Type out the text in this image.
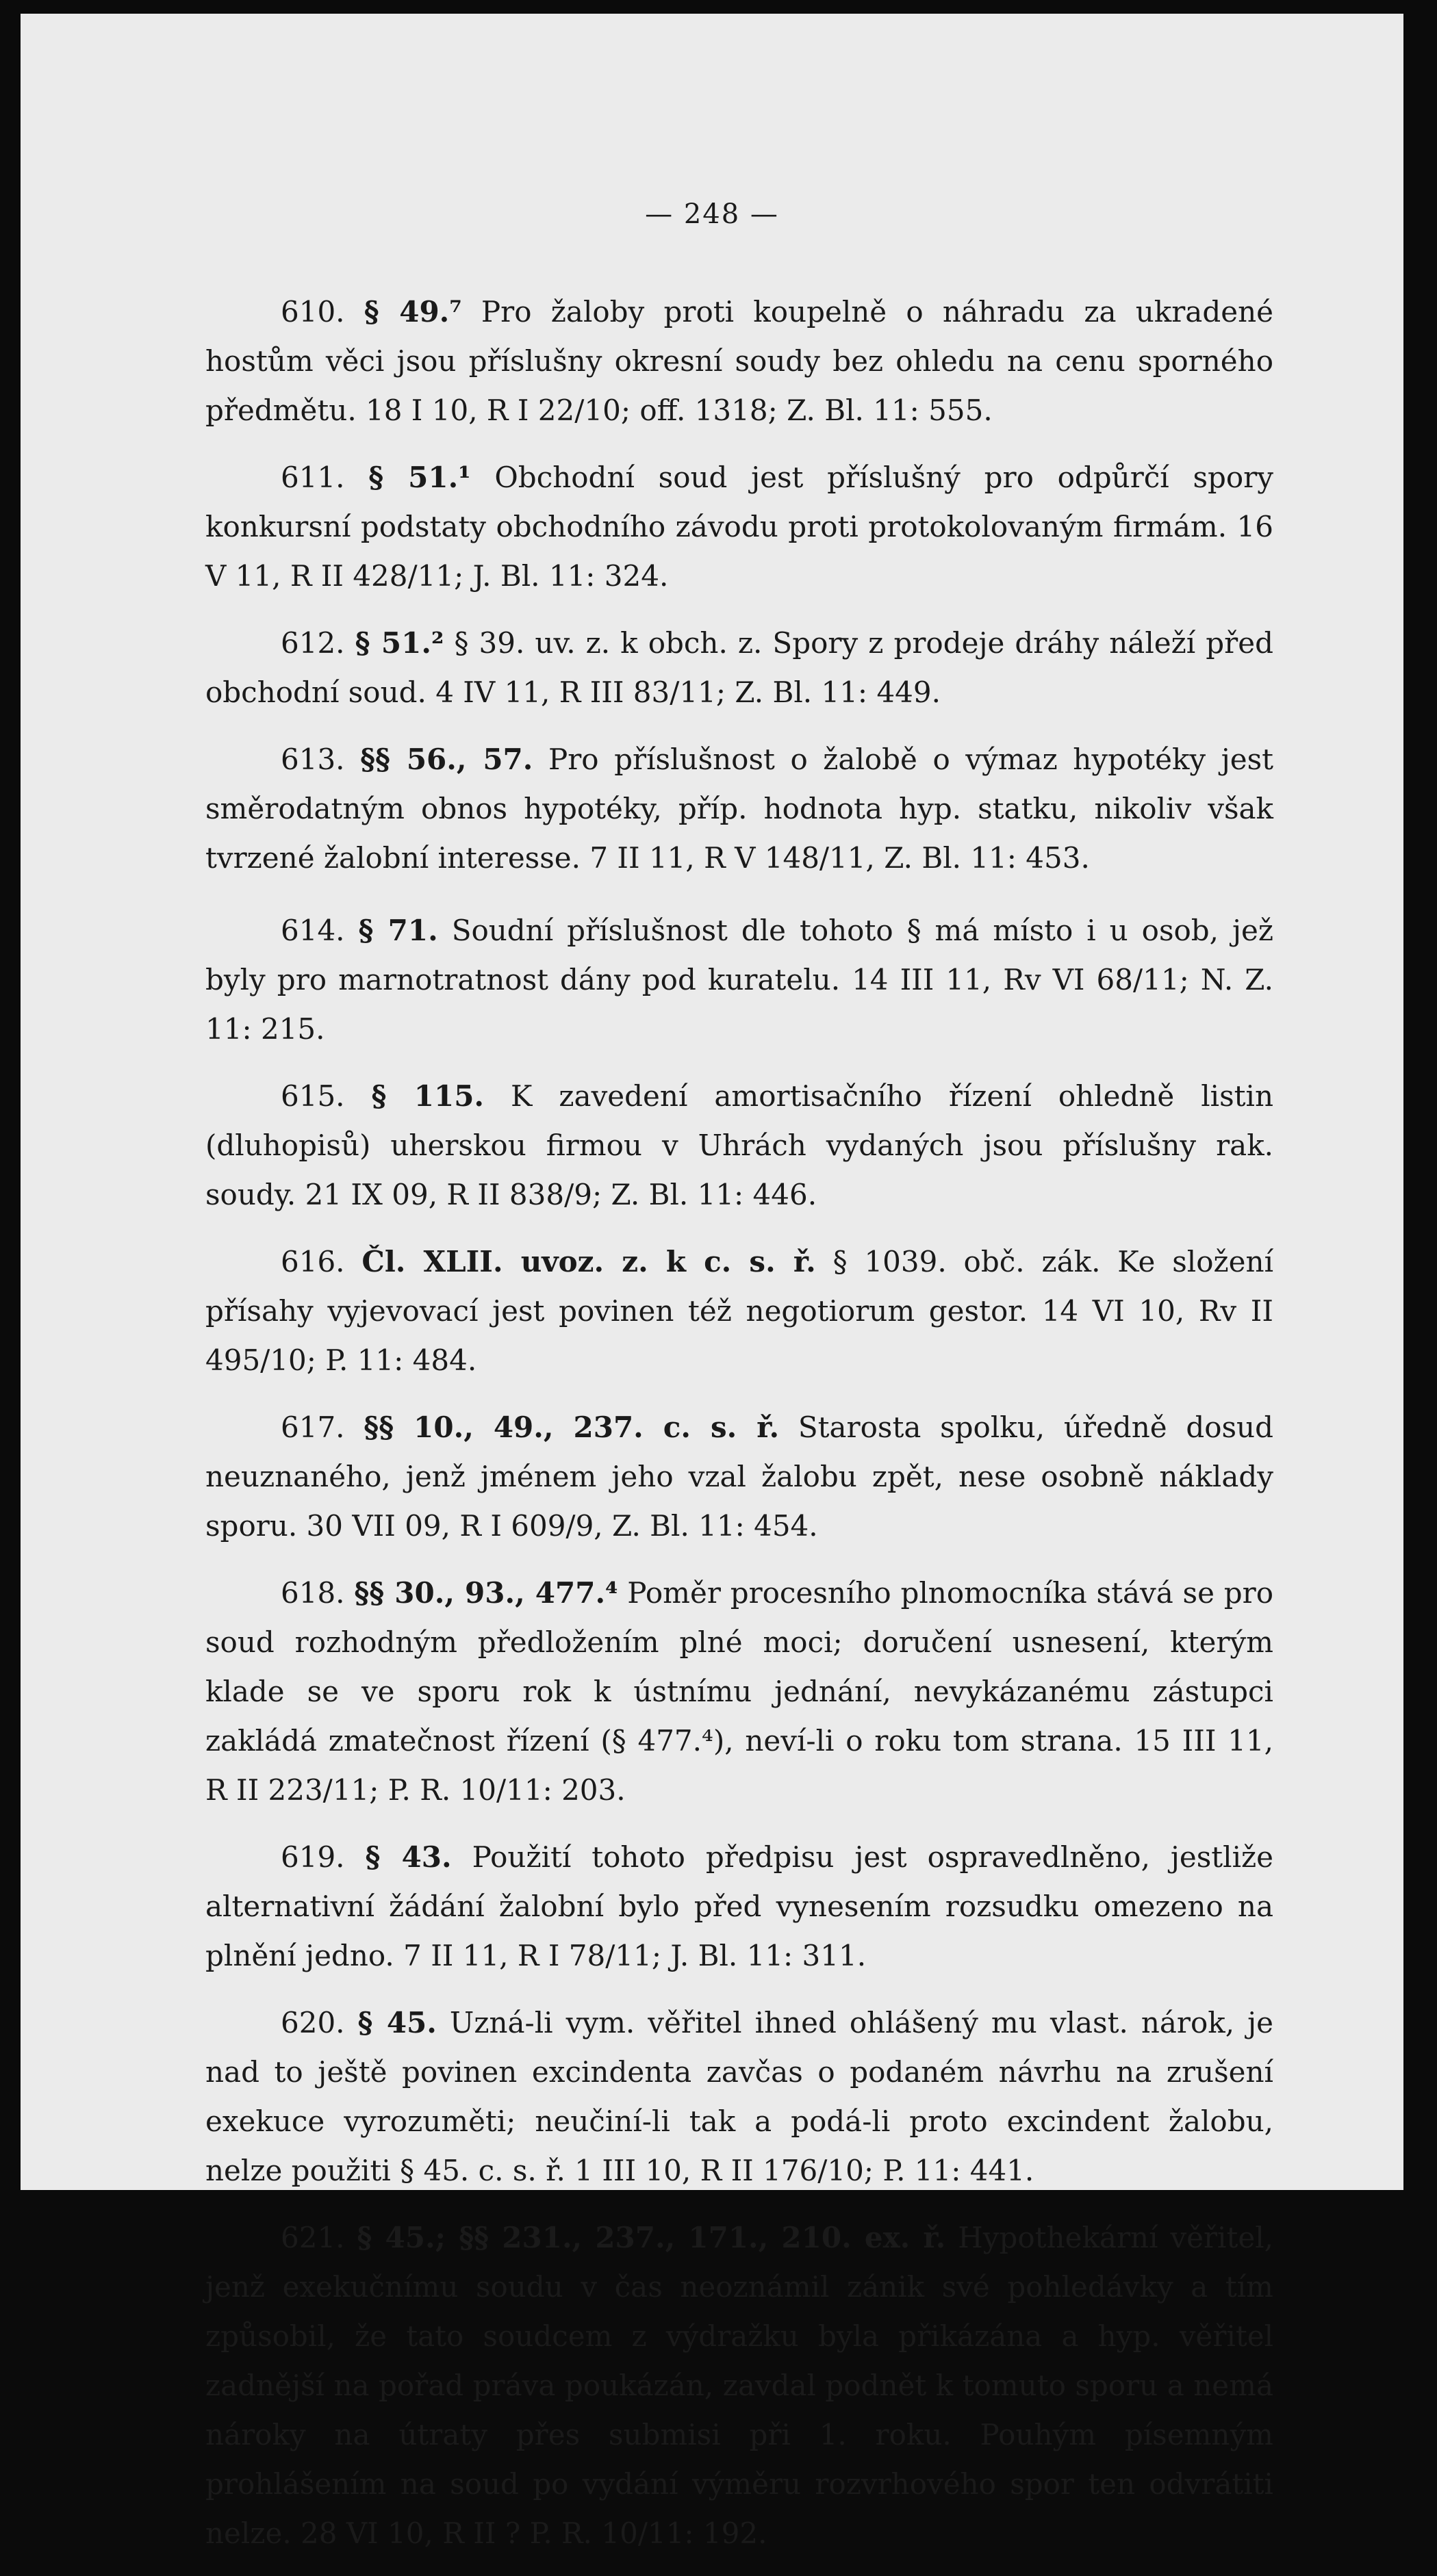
— 248 —

610. § 49.⁷ Pro žaloby proti koupelně o náhradu za ukradené hostům věci jsou příslušny okresní soudy bez ohledu na cenu sporného předmětu. 18 I 10, R I 22/10; off. 1318; Z. Bl. 11: 555.

611. § 51.¹ Obchodní soud jest příslušný pro odpůrčí spory konkursní podstaty obchodního závodu proti protokolovaným firmám. 16 V 11, R II 428/11; J. Bl. 11: 324.

612. § 51.² § 39. uv. z. k obch. z. Spory z prodeje dráhy náleží před obchodní soud. 4 IV 11, R III 83/11; Z. Bl. 11: 449.

613. §§ 56., 57. Pro příslušnost o žalobě o výmaz hypotéky jest směrodatným obnos hypotéky, příp. hodnota hyp. statku, nikoliv však tvrzené žalobní interesse. 7 II 11, R V 148/11, Z. Bl. 11: 453.

614. § 71. Soudní příslušnost dle tohoto § má místo i u osob, jež byly pro marnotratnost dány pod kuratelu. 14 III 11, Rv VI 68/11; N. Z. 11: 215.

615. § 115. K zavedení amortisačního řízení ohledně listin (dluhopisů) uherskou firmou v Uhrách vydaných jsou příslušny rak. soudy. 21 IX 09, R II 838/9; Z. Bl. 11: 446.

616. Čl. XLII. uvoz. z. k c. s. ř. § 1039. obč. zák. Ke složení přísahy vyjevovací jest povinen též negotiorum gestor. 14 VI 10, Rv II 495/10; P. 11: 484.

617. §§ 10., 49., 237. c. s. ř. Starosta spolku, úředně dosud neuznaného, jenž jménem jeho vzal žalobu zpět, nese osobně náklady sporu. 30 VII 09, R I 609/9, Z. Bl. 11: 454.

618. §§ 30., 93., 477.⁴ Poměr procesního plnomocníka stává se pro soud rozhodným předložením plné moci; doručení usnesení, kterým klade se ve sporu rok k ústnímu jednání, nevykázanému zástupci zakládá zmatečnost řízení (§ 477.⁴), neví-li o roku tom strana. 15 III 11, R II 223/11; P. R. 10/11: 203.

619. § 43. Použití tohoto předpisu jest ospravedlněno, jestliže alternativní žádání žalobní bylo před vynesením rozsudku omezeno na plnění jedno. 7 II 11, R I 78/11; J. Bl. 11: 311.

620. § 45. Uzná-li vym. věřitel ihned ohlášený mu vlast. nárok, je nad to ještě povinen excindenta zavčas o podaném návrhu na zrušení exekuce vyrozuměti; neučiní-li tak a podá-li proto excindent žalobu, nelze použiti § 45. c. s. ř. 1 III 10, R II 176/10; P. 11: 441.

621. § 45.; §§ 231., 237., 171., 210. ex. ř. Hypothekární věřitel, jenž exekučnímu soudu v čas neoznámil zánik své pohledávky a tím způsobil, že tato soudcem z výdražku byla přikázána a hyp. věřitel zadnější na pořad práva poukázán, zavdal podnět k tomuto sporu a nemá nároky na útraty přes submisi při 1. roku. Pouhým písemným prohlášením na soud po vydání výměru rozvrhového spor ten odvrátiti nelze. 28 VI 10, R II ? P. R. 10/11: 192.
